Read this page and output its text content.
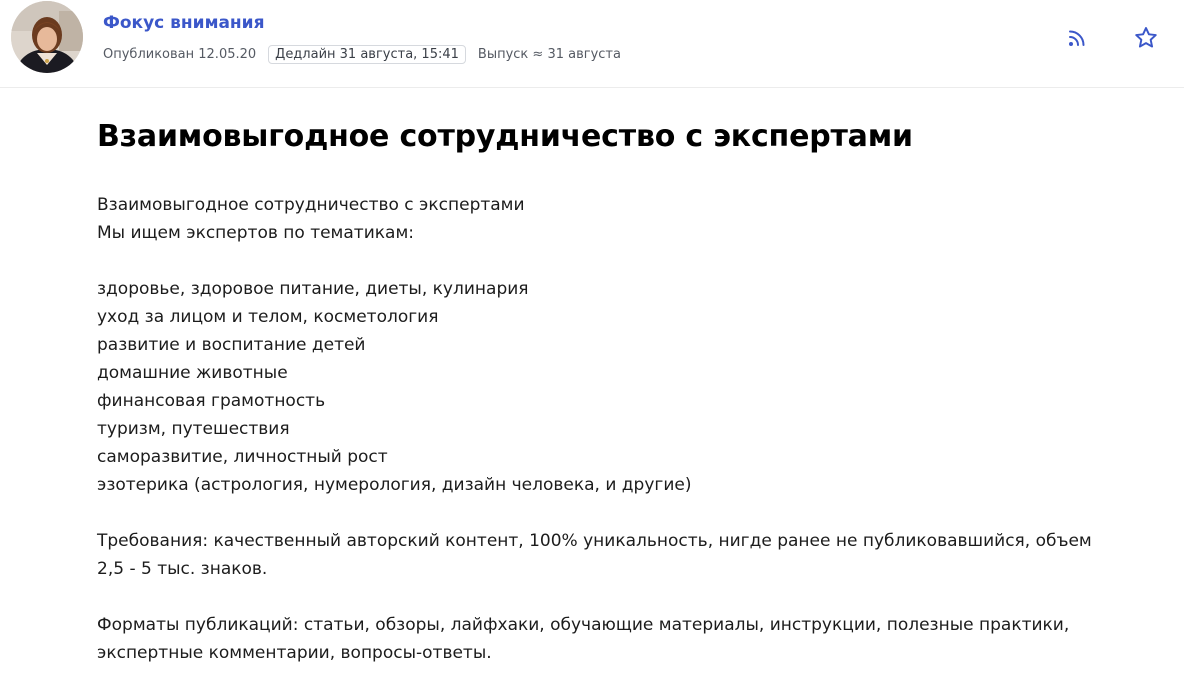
Фокус внимания
Опубликован 12.05.20	Дедлайн 31 августа, 15:41	Выпуск ≈ 31 августа
Взаимовыгодное сотрудничество с экспертами
Взаимовыгодное сотрудничество с экспертами
Мы ищем экспертов по тематикам:
здоровье, здоровое питание, диеты, кулинария
уход за лицом и телом, косметология
развитие и воспитание детей
домашние животные
финансовая грамотность
туризм, путешествия
саморазвитие, личностный рост
эзотерика (астрология, нумерология, дизайн человека, и другие)
Требования: качественный авторский контент, 100% уникальность, нигде ранее не публиковавшийся, объем 2,5 - 5 тыс. знаков.
Форматы публикаций: статьи, обзоры, лайфхаки, обучающие материалы, инструкции, полезные практики, экспертные комментарии, вопросы-ответы.
